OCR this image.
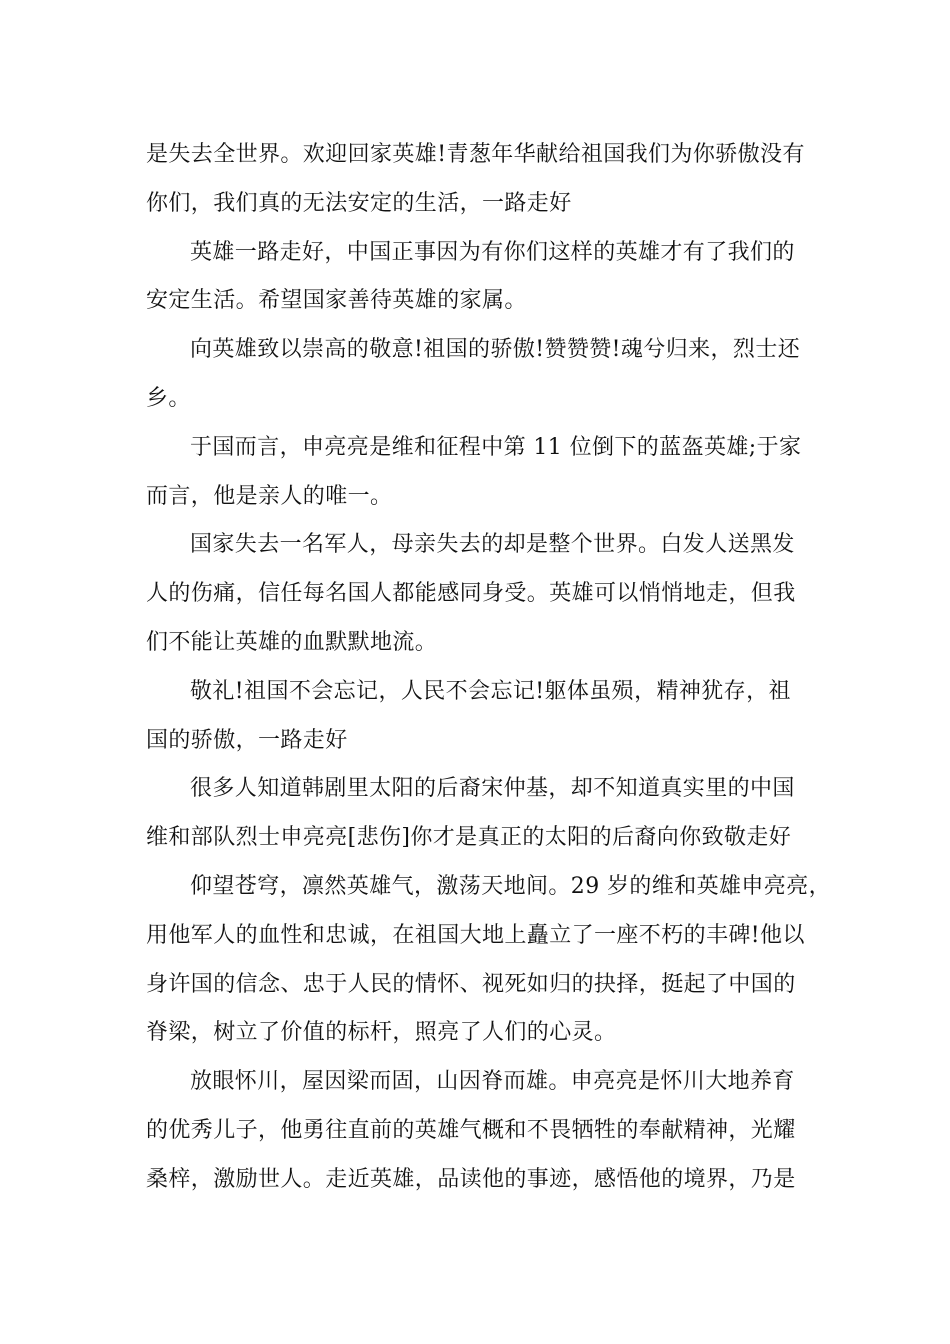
是失去全世界。欢迎回家英雄!青葱年华献给祖国我们为你骄傲没有
你们，我们真的无法安定的生活，一路走好
英雄一路走好，中国正事因为有你们这样的英雄才有了我们的
安定生活。希望国家善待英雄的家属。
向英雄致以崇高的敬意!祖国的骄傲!赞赞赞!魂兮归来，烈士还
乡。
于国而言，申亮亮是维和征程中第 11 位倒下的蓝盔英雄;于家
而言，他是亲人的唯一。
国家失去一名军人，母亲失去的却是整个世界。白发人送黑发
人的伤痛，信任每名国人都能感同身受。英雄可以悄悄地走，但我
们不能让英雄的血默默地流。
敬礼!祖国不会忘记，人民不会忘记!躯体虽殒，精神犹存，祖
国的骄傲，一路走好
很多人知道韩剧里太阳的后裔宋仲基，却不知道真实里的中国
维和部队烈士申亮亮[悲伤]你才是真正的太阳的后裔向你致敬走好
仰望苍穹，凛然英雄气，激荡天地间。29 岁的维和英雄申亮亮，
用他军人的血性和忠诚，在祖国大地上矗立了一座不朽的丰碑!他以
身许国的信念、忠于人民的情怀、视死如归的抉择，挺起了中国的
脊梁，树立了价值的标杆，照亮了人们的心灵。
放眼怀川，屋因梁而固，山因脊而雄。申亮亮是怀川大地养育
的优秀儿子，他勇往直前的英雄气概和不畏牺牲的奉献精神，光耀
桑梓，激励世人。走近英雄，品读他的事迹，感悟他的境界，乃是
